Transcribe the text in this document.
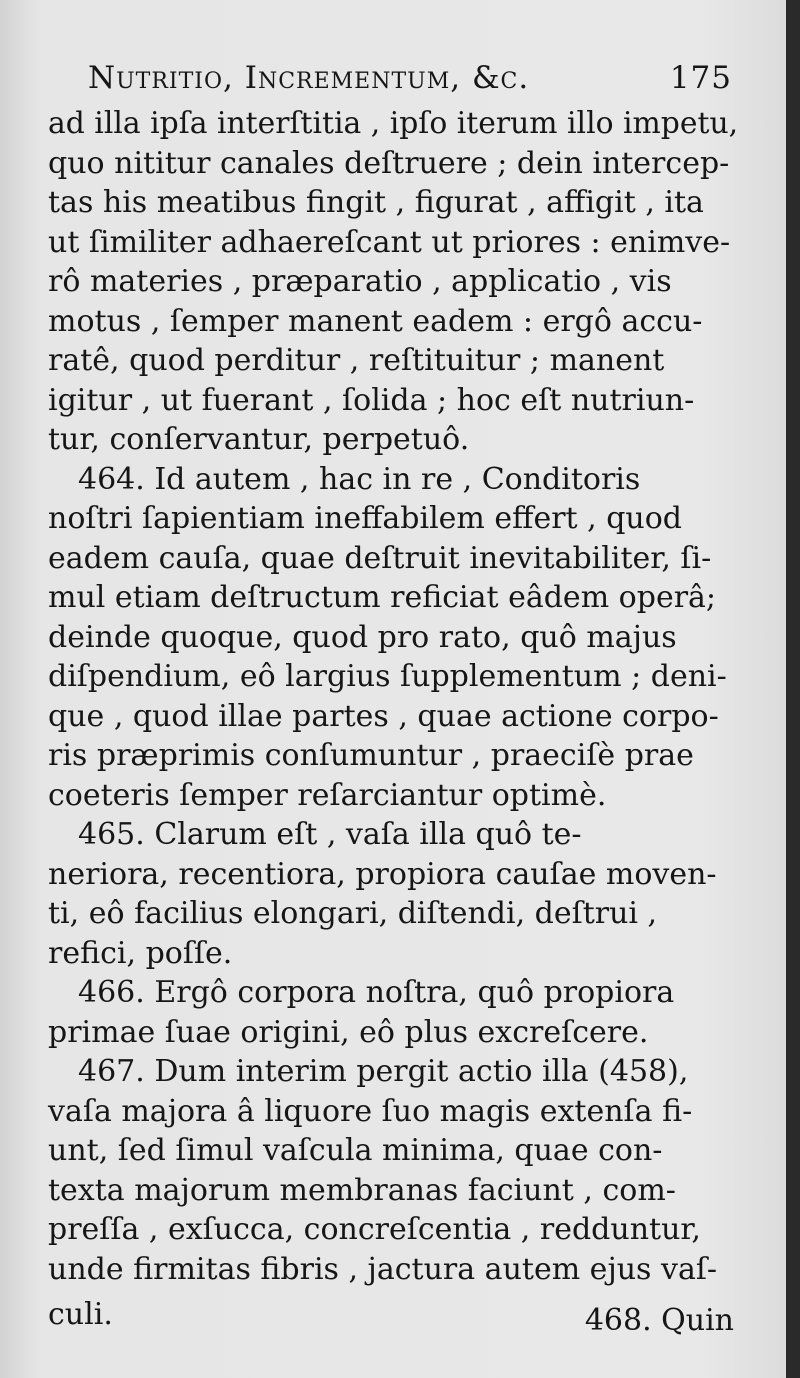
Nutritio, Incrementum, &c.	175
ad illa ipſa interſtitia , ipſo iterum illo impetu,
quo nititur canales deſtruere ; dein intercep-
tas his meatibus fingit , figurat , affigit , ita
ut ſimiliter adhaereſcant ut priores : enimve-
rô materies , præparatio , applicatio , vis
motus , ſemper manent eadem : ergô accu-
ratê, quod perditur , reſtituitur ; manent
igitur , ut fuerant , ſolida ; hoc eſt nutriun-
tur, conſervantur, perpetuô.
464. Id autem , hac in re , Conditoris
noſtri ſapientiam ineffabilem effert , quod
eadem cauſa, quae deſtruit inevitabiliter, ſi-
mul etiam deſtructum reficiat eâdem operâ;
deinde quoque, quod pro rato, quô majus
diſpendium, eô largius ſupplementum ; deni-
que , quod illae partes , quae actione corpo-
ris præprimis conſumuntur , praeciſè prae
coeteris ſemper reſarciantur optimè.
465. Clarum eſt , vaſa illa quô te-
neriora, recentiora, propiora cauſae moven-
ti, eô facilius elongari, diſtendi, deſtrui ,
refici, poſſe.
466. Ergô corpora noſtra, quô propiora
primae ſuae origini, eô plus excreſcere.
467. Dum interim pergit actio illa (458),
vaſa majora â liquore ſuo magis extenſa fi-
unt, ſed ſimul vaſcula minima, quae con-
texta majorum membranas faciunt , com-
preſſa , exſucca, concreſcentia , redduntur,
unde firmitas fibris , jactura autem ejus vaſ-
culi.	468. Quin
